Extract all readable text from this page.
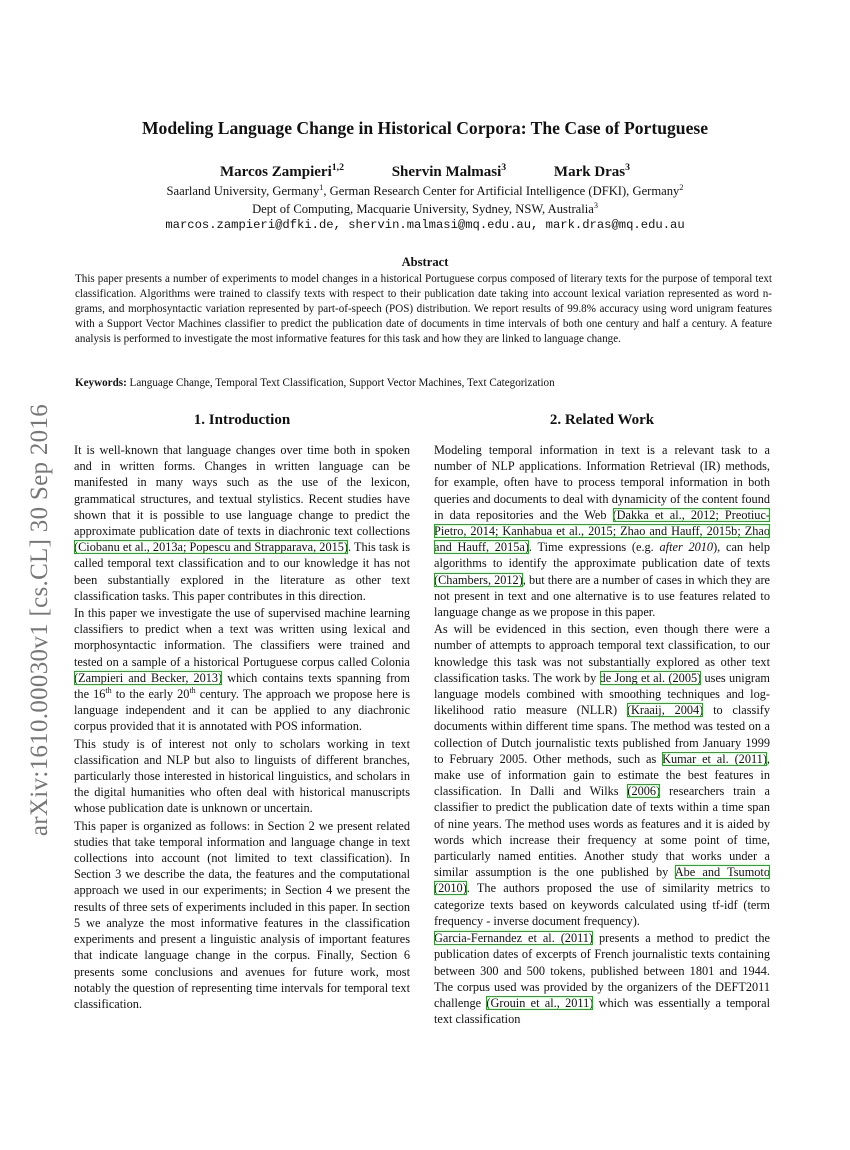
Modeling Language Change in Historical Corpora: The Case of Portuguese
Marcos Zampieri$^{1,2}$	Shervin Malmasi$^3$	Mark Dras$^3$
Saarland University, Germany$^1$, German Research Center for Artificial Intelligence (DFKI), Germany$^2$
Dept of Computing, Macquarie University, Sydney, NSW, Australia$^3$
marcos.zampieri@dfki.de, shervin.malmasi@mq.edu.au, mark.dras@mq.edu.au
Abstract

This paper presents a number of experiments to model changes in a historical Portuguese corpus composed of literary texts for the purpose of temporal text classification. Algorithms were trained to classify texts with respect to their publication date taking into account lexical variation represented as word n-grams, and morphosyntactic variation represented by part-of-speech (POS) distribution. We report results of 99.8% accuracy using word unigram features with a Support Vector Machines classifier to predict the publication date of documents in time intervals of both one century and half a century. A feature analysis is performed to investigate the most informative features for this task and how they are linked to language change.

Keywords: Language Change, Temporal Text Classification, Support Vector Machines, Text Categorization
arXiv:1610.00030v1 [cs.CL] 30 Sep 2016	1. Introduction

It is well-known that language changes over time both in spoken and in written forms. Changes in written language can be manifested in many ways such as the use of the lexicon, grammatical structures, and textual stylistics. Recent studies have shown that it is possible to use language change to predict the approximate publication date of texts in diachronic text collections (Ciobanu et al., 2013a; Popescu and Strapparava, 2015). This task is called temporal text classification and to our knowledge it has not been substantially explored in the literature as other text classification tasks. This paper contributes in this direction.

In this paper we investigate the use of supervised machine learning classifiers to predict when a text was written using lexical and morphosyntactic information. The classifiers were trained and tested on a sample of a historical Portuguese corpus called Colonia (Zampieri and Becker, 2013) which contains texts spanning from the 16th to the early 20th century. The approach we propose here is language independent and it can be applied to any diachronic corpus provided that it is annotated with POS information.

This study is of interest not only to scholars working in text classification and NLP but also to linguists of different branches, particularly those interested in historical linguistics, and scholars in the digital humanities who often deal with historical manuscripts whose publication date is unknown or uncertain.

This paper is organized as follows: in Section 2 we present related studies that take temporal information and language change in text collections into account (not limited to text classification). In Section 3 we describe the data, the features and the computational approach we used in our experiments; in Section 4 we present the results of three sets of experiments included in this paper. In section 5 we analyze the most informative features in the classification experiments and present a linguistic analysis of important features that indicate language change in the corpus. Finally, Section 6 presents some conclusions and avenues for future work, most notably the question of representing time intervals for temporal text classification.

2. Related Work

Modeling temporal information in text is a relevant task to a number of NLP applications. Information Retrieval (IR) methods, for example, often have to process temporal information in both queries and documents to deal with dynamicity of the content found in data repositories and the Web (Dakka et al., 2012; Preotiuc-Pietro, 2014; Kanhabua et al., 2015; Zhao and Hauff, 2015b; Zhao and Hauff, 2015a). Time expressions (e.g. after 2010), can help algorithms to identify the approximate publication date of texts (Chambers, 2012), but there are a number of cases in which they are not present in text and one alternative is to use features related to language change as we propose in this paper.

As will be evidenced in this section, even though there were a number of attempts to approach temporal text classification, to our knowledge this task was not substantially explored as other text classification tasks. The work by de Jong et al. (2005) uses unigram language models combined with smoothing techniques and log-likelihood ratio measure (NLLR) (Kraaij, 2004) to classify documents within different time spans. The method was tested on a collection of Dutch journalistic texts published from January 1999 to February 2005. Other methods, such as Kumar et al. (2011), make use of information gain to estimate the best features in classification. In Dalli and Wilks (2006) researchers train a classifier to predict the publication date of texts within a time span of nine years. The method uses words as features and it is aided by words which increase their frequency at some point of time, particularly named entities. Another study that works under a similar assumption is the one published by Abe and Tsumoto (2010). The authors proposed the use of similarity metrics to categorize texts based on keywords calculated using tf-idf (term frequency - inverse document frequency).

Garcia-Fernandez et al. (2011) presents a method to predict the publication dates of excerpts of French journalistic texts containing between 300 and 500 tokens, published between 1801 and 1944. The corpus used was provided by the organizers of the DEFT2011 challenge (Grouin et al., 2011) which was essentially a temporal text classification
